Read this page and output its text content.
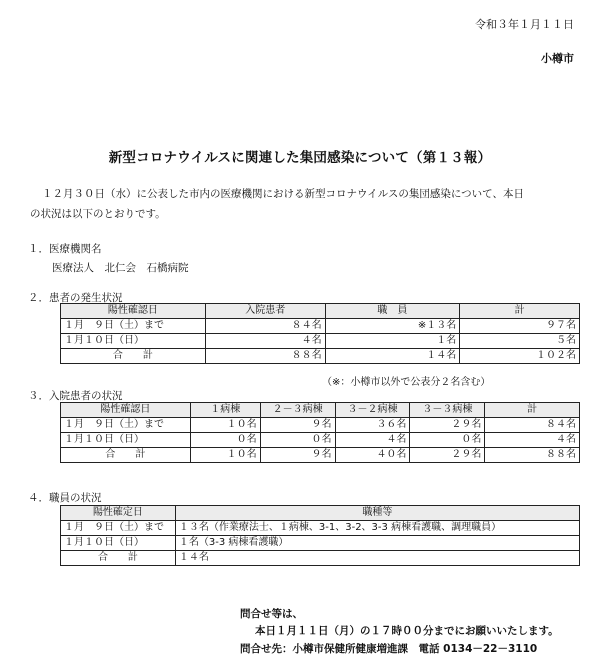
令和３年１月１１日
小樽市
新型コロナウイルスに関連した集団感染について（第１３報）
１２月３０日（水）に公表した市内の医療機関における新型コロナウイルスの集団感染について、本日
の状況は以下のとおりです。
１．医療機関名
医療法人　北仁会　石橋病院
２．患者の発生状況
陽性確認日	入院患者	職　員	計
１月　９日（土）まで	８４名	※１３名	９７名
１月１０日（日）	４名	１名	５名
合　　計	８８名	１４名	１０２名
（※：小樽市以外で公表分２名含む）
３．入院患者の状況
陽性確認日	１病棟	２－３病棟	３－２病棟	３－３病棟	計
１月　９日（土）まで	１０名	９名	３６名	２９名	８４名
１月１０日（日）	０名	０名	４名	０名	４名
合　　計	１０名	９名	４０名	２９名	８８名
４．職員の状況
陽性確定日	職種等
１月　９日（土）まで	１３名（作業療法士、１病棟、3-1、3-2、3-3 病棟看護職、調理職員）
１月１０日（日）	１名（3-3 病棟看護職）
合　　計	１４名
問合せ等は、
本日１月１１日（月）の１７時００分までにお願いいたします。
問合せ先：小樽市保健所健康増進課　電話 0134－22－3110
